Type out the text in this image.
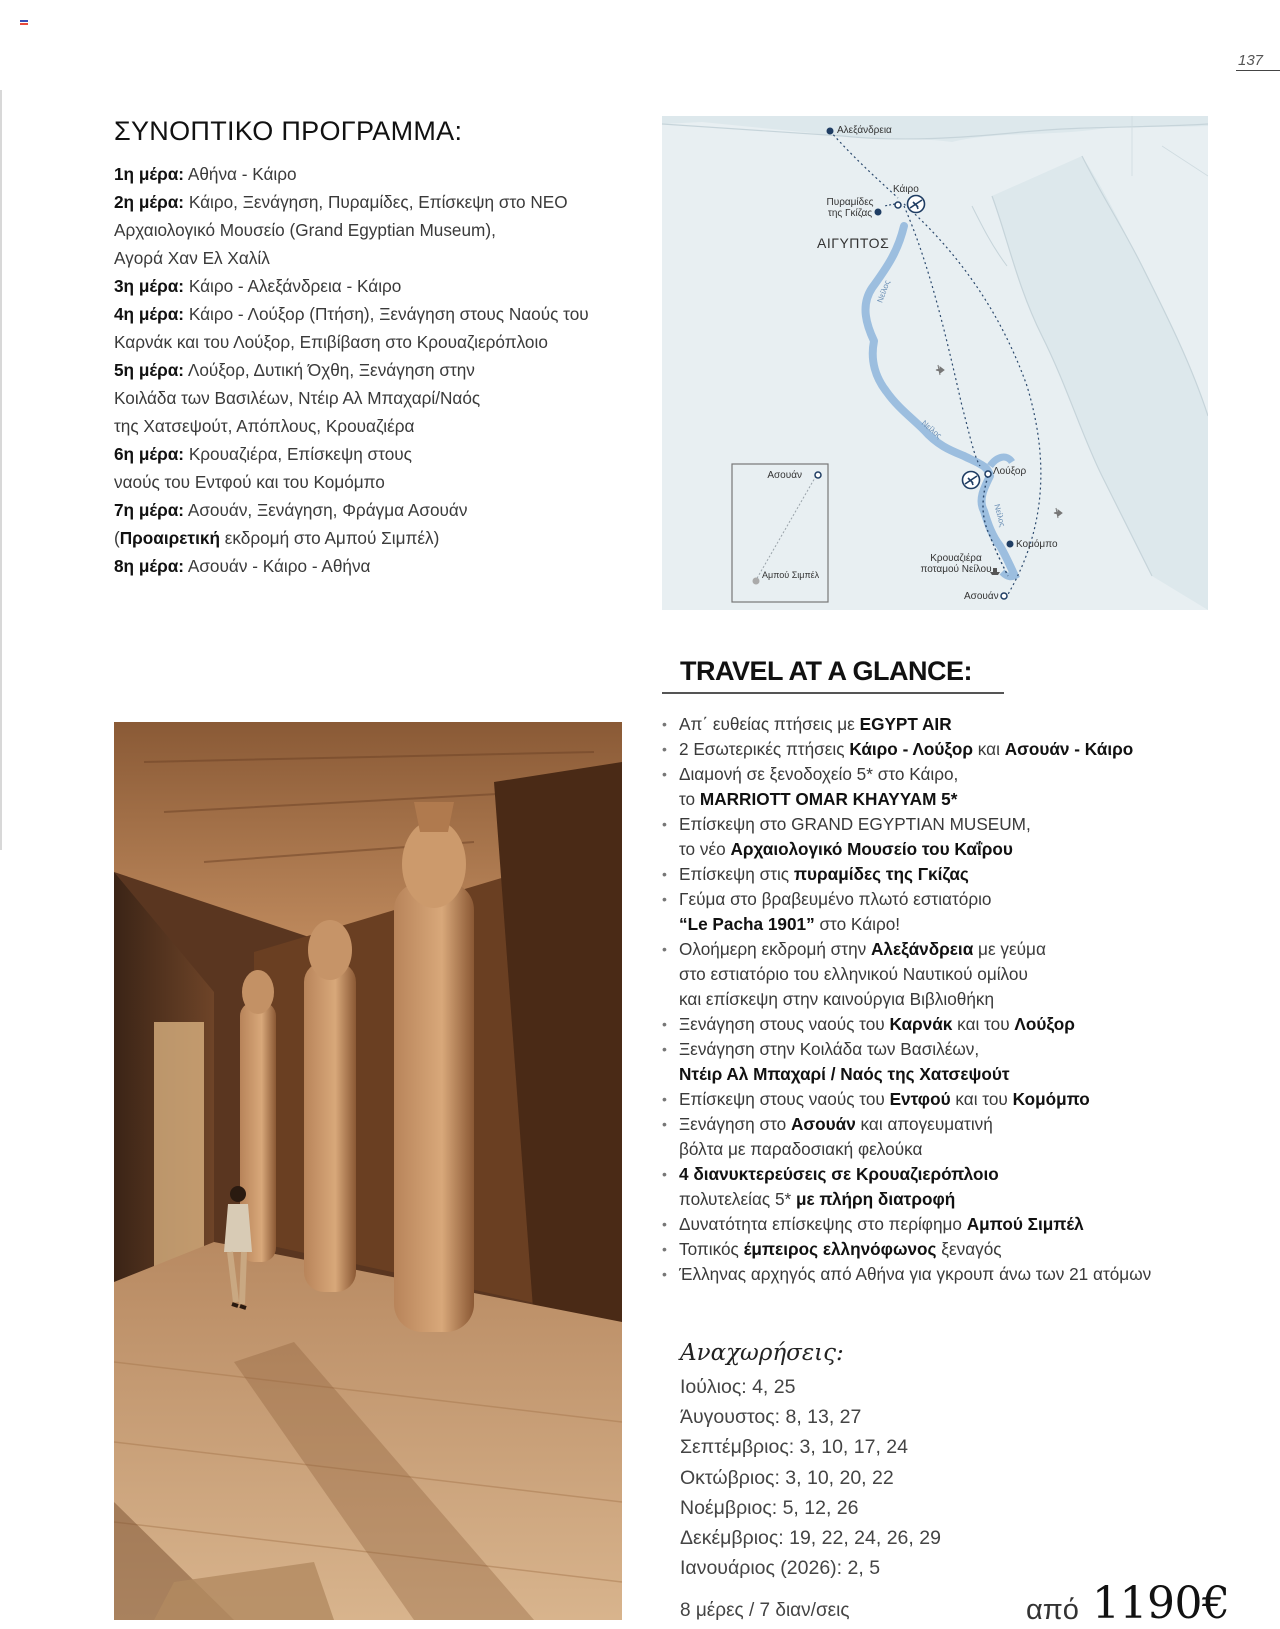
137
ΣΥΝΟΠΤΙΚΟ ΠΡΟΓΡΑΜΜΑ:
1η μέρα: Αθήνα - Κάιρο
2η μέρα: Κάιρο, Ξενάγηση, Πυραμίδες, Επίσκεψη στο ΝΕΟ
Αρχαιολογικό Μουσείο (Grand Egyptian Museum),
Αγορά Χαν Ελ Χαλίλ
3η μέρα: Κάιρο - Αλεξάνδρεια - Κάιρο
4η μέρα: Κάιρο - Λούξορ (Πτήση), Ξενάγηση στους Ναούς του
Καρνάκ και του Λούξορ, Επιβίβαση στο Κρουαζιερόπλοιο
5η μέρα: Λούξορ, Δυτική Όχθη, Ξενάγηση στην
Κοιλάδα των Βασιλέων, Ντέιρ Αλ Μπαχαρί/Ναός
της Χατσεψούτ, Απόπλους, Κρουαζιέρα
6η μέρα: Κρουαζιέρα, Επίσκεψη στους
ναούς του Εντφού και του Κομόμπο
7η μέρα: Ασουάν, Ξενάγηση, Φράγμα Ασουάν
(Προαιρετική εκδρομή στο Αμπού Σιμπέλ)
8η μέρα: Ασουάν - Κάιρο - Αθήνα
Αλεξάνδρεια
Κάιρο
Πυραμίδες
της Γκίζας
ΑΙΓΥΠΤΟΣ
Λούξορ
Κομόμπο
Κρουαζιέρα
ποταμού Νείλου
Ασουάν
Ασουάν
Αμπού Σιμπέλ
Νείλος
Νείλος
Νείλος
TRAVEL AT A GLANCE:
• Απ΄ ευθείας πτήσεις με EGYPT AIR
• 2 Εσωτερικές πτήσεις Κάιρο - Λούξορ και Ασουάν - Κάιρο
• Διαμονή σε ξενοδοχείο 5* στο Κάιρο,
το MARRIOTT OMAR KHAYYAM 5*
• Επίσκεψη στο GRAND EGYPTIAN MUSEUM,
το νέο Αρχαιολογικό Μουσείο του Καΐρου
• Επίσκεψη στις πυραμίδες της Γκίζας
• Γεύμα στο βραβευμένο πλωτό εστιατόριο
“Le Pacha 1901” στο Κάιρο!
• Ολοήμερη εκδρομή στην Αλεξάνδρεια με γεύμα
στο εστιατόριο του ελληνικού Ναυτικού ομίλου
και επίσκεψη στην καινούργια Βιβλιοθήκη
• Ξενάγηση στους ναούς του Καρνάκ και του Λούξορ
• Ξενάγηση στην Κοιλάδα των Βασιλέων,
Ντέιρ Αλ Μπαχαρί / Ναός της Χατσεψούτ
• Επίσκεψη στους ναούς του Εντφού και του Κομόμπο
• Ξενάγηση στο Ασουάν και απογευματινή
βόλτα με παραδοσιακή φελούκα
• 4 διανυκτερεύσεις σε Κρουαζιερόπλοιο
πολυτελείας 5* με πλήρη διατροφή
• Δυνατότητα επίσκεψης στο περίφημο Αμπού Σιμπέλ
• Τοπικός έμπειρος ελληνόφωνος ξεναγός
• Έλληνας αρχηγός από Αθήνα για γκρουπ άνω των 21 ατόμων
Αναχωρήσεις:
Ιούλιος: 4, 25
Άυγουστος: 8, 13, 27
Σεπτέμβριος: 3, 10, 17, 24
Οκτώβριος: 3, 10, 20, 22
Νοέμβριος: 5, 12, 26
Δεκέμβριος: 19, 22, 24, 26, 29
Ιανουάριος (2026): 2, 5
8 μέρες / 7 διαν/σεις	από 1190€
